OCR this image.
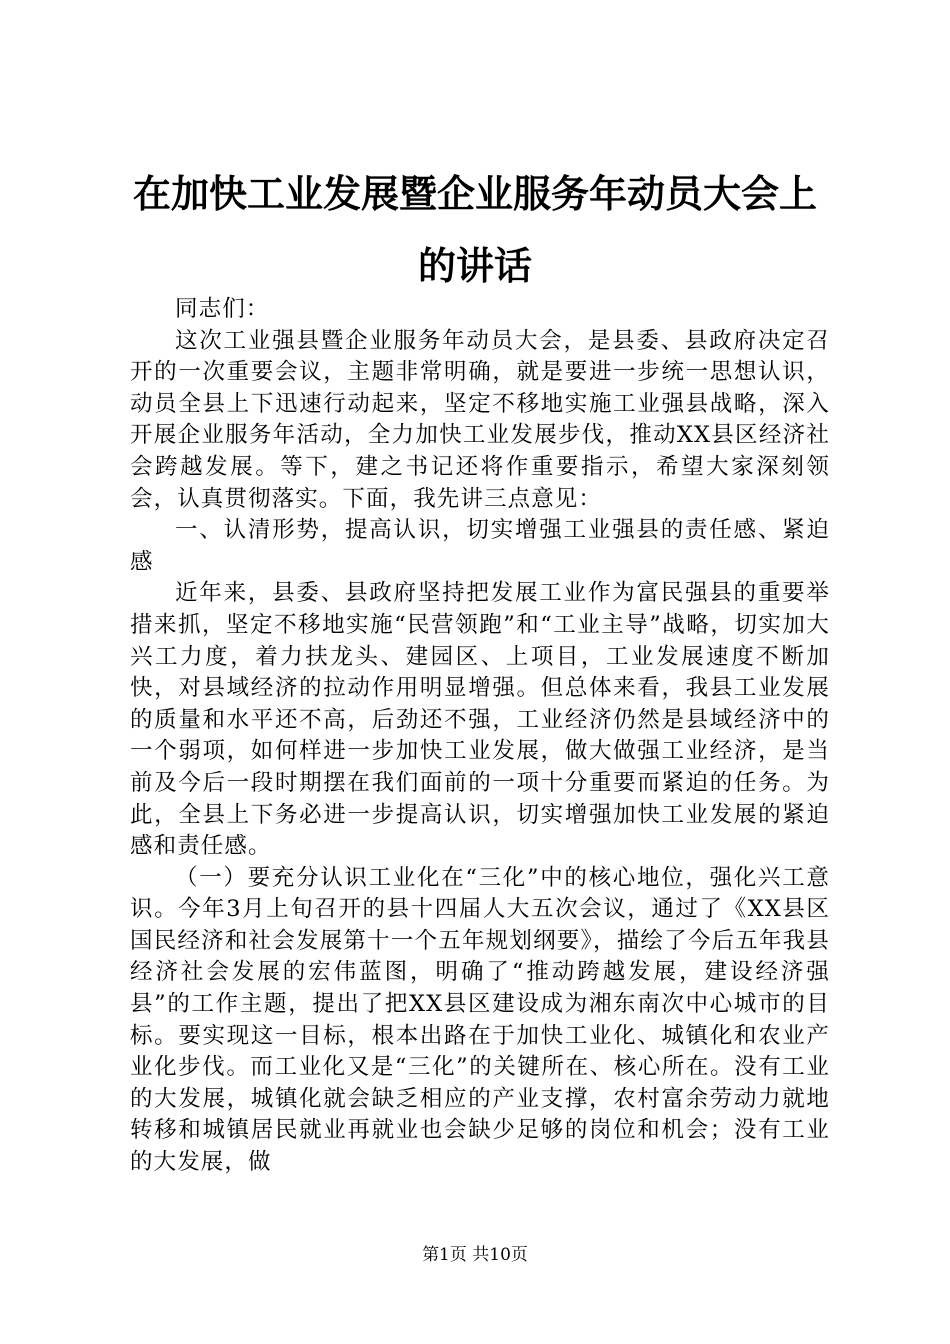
在加快工业发展暨企业服务年动员大会上的讲话

同志们：

这次工业强县暨企业服务年动员大会，是县委、县政府决定召开的一次重要会议，主题非常明确，就是要进一步统一思想认识，动员全县上下迅速行动起来，坚定不移地实施工业强县战略，深入开展企业服务年活动，全力加快工业发展步伐，推动XX县区经济社会跨越发展。等下，建之书记还将作重要指示，希望大家深刻领会，认真贯彻落实。下面，我先讲三点意见：

一、认清形势，提高认识，切实增强工业强县的责任感、紧迫感

近年来，县委、县政府坚持把发展工业作为富民强县的重要举措来抓，坚定不移地实施“民营领跑”和“工业主导”战略，切实加大兴工力度，着力扶龙头、建园区、上项目，工业发展速度不断加快，对县域经济的拉动作用明显增强。但总体来看，我县工业发展的质量和水平还不高，后劲还不强，工业经济仍然是县域经济中的一个弱项，如何样进一步加快工业发展，做大做强工业经济，是当前及今后一段时期摆在我们面前的一项十分重要而紧迫的任务。为此，全县上下务必进一步提高认识，切实增强加快工业发展的紧迫感和责任感。

（一）要充分认识工业化在“三化”中的核心地位，强化兴工意识。今年3月上旬召开的县十四届人大五次会议，通过了《XX县区国民经济和社会发展第十一个五年规划纲要》，描绘了今后五年我县经济社会发展的宏伟蓝图，明确了“推动跨越发展，建设经济强县”的工作主题，提出了把XX县区建设成为湘东南次中心城市的目标。要实现这一目标，根本出路在于加快工业化、城镇化和农业产业化步伐。而工业化又是“三化”的关键所在、核心所在。没有工业的大发展，城镇化就会缺乏相应的产业支撑，农村富余劳动力就地转移和城镇居民就业再就业也会缺少足够的岗位和机会；没有工业的大发展，做

第1页 共10页
